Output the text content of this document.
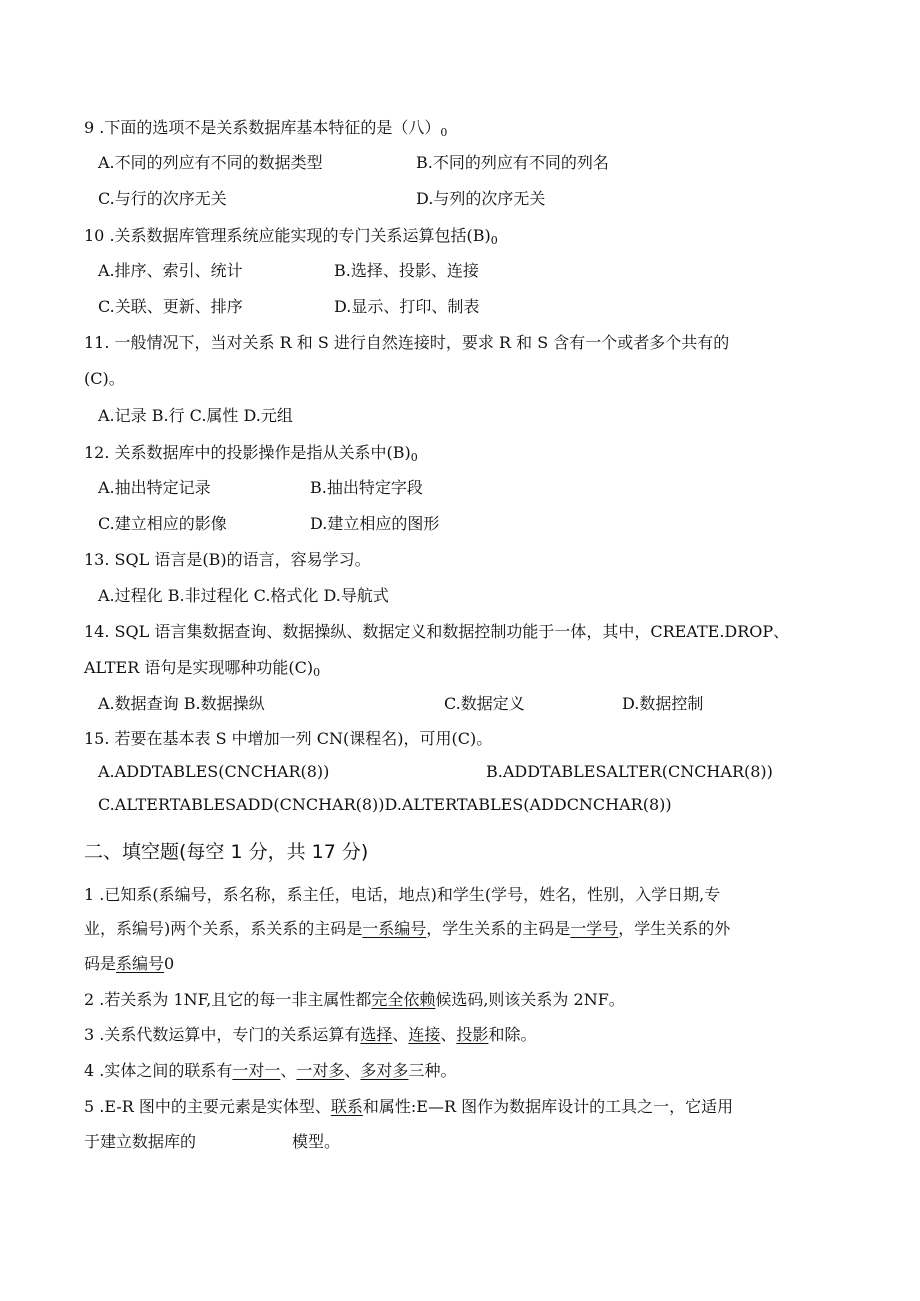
9 .下面的选项不是关系数据库基本特征的是（八）$_0$
A.不同的列应有不同的数据类型	B.不同的列应有不同的列名
C.与行的次序无关	D.与列的次序无关
10 .关系数据库管理系统应能实现的专门关系运算包括$(B)_0$
A.排序、索引、统计	B.选择、投影、连接
C.关联、更新、排序	D.显示、打印、制表
11. 一般情况下，当对关系 R 和 S 进行自然连接时，要求 R 和 S 含有一个或者多个共有的
(C)。
A.记录 B.行 C.属性 D.元组
12. 关系数据库中的投影操作是指从关系中$(B)_0$
A.抽出特定记录	B.抽出特定字段
C.建立相应的影像	D.建立相应的图形
13. SQL 语言是(B)的语言，容易学习。
A.过程化 B.非过程化 C.格式化 D.导航式
14. SQL 语言集数据查询、数据操纵、数据定义和数据控制功能于一体，其中，CREATE.DROP、
ALTER 语句是实现哪种功能$(C)_0$
A.数据查询 B.数据操纵	C.数据定义	D.数据控制
15. 若要在基本表 S 中增加一列 CN(课程名)，可用(C)。
A.ADDTABLES(CNCHAR(8))	B.ADDTABLESALTER(CNCHAR(8))
C.ALTERTABLESADD(CNCHAR(8))D.ALTERTABLES(ADDCNCHAR(8))
二、填空题(每空 1 分，共 17 分)
1 .已知系(系编号，系名称，系主任，电话，地点)和学生(学号，姓名，性别，入学日期,专
业，系编号)两个关系，系关系的主码是一系编号，学生关系的主码是一学号，学生关系的外
码是系编号0
2 .若关系为 1NF,且它的每一非主属性都完全依赖候选码,则该关系为 2NF。
3 .关系代数运算中，专门的关系运算有选择、连接、投影和除。
4 .实体之间的联系有一对一、一对多、多对多三种。
5 .E-R 图中的主要元素是实体型、联系和属性:E—R 图作为数据库设计的工具之一，它适用
于建立数据库的	模型。
